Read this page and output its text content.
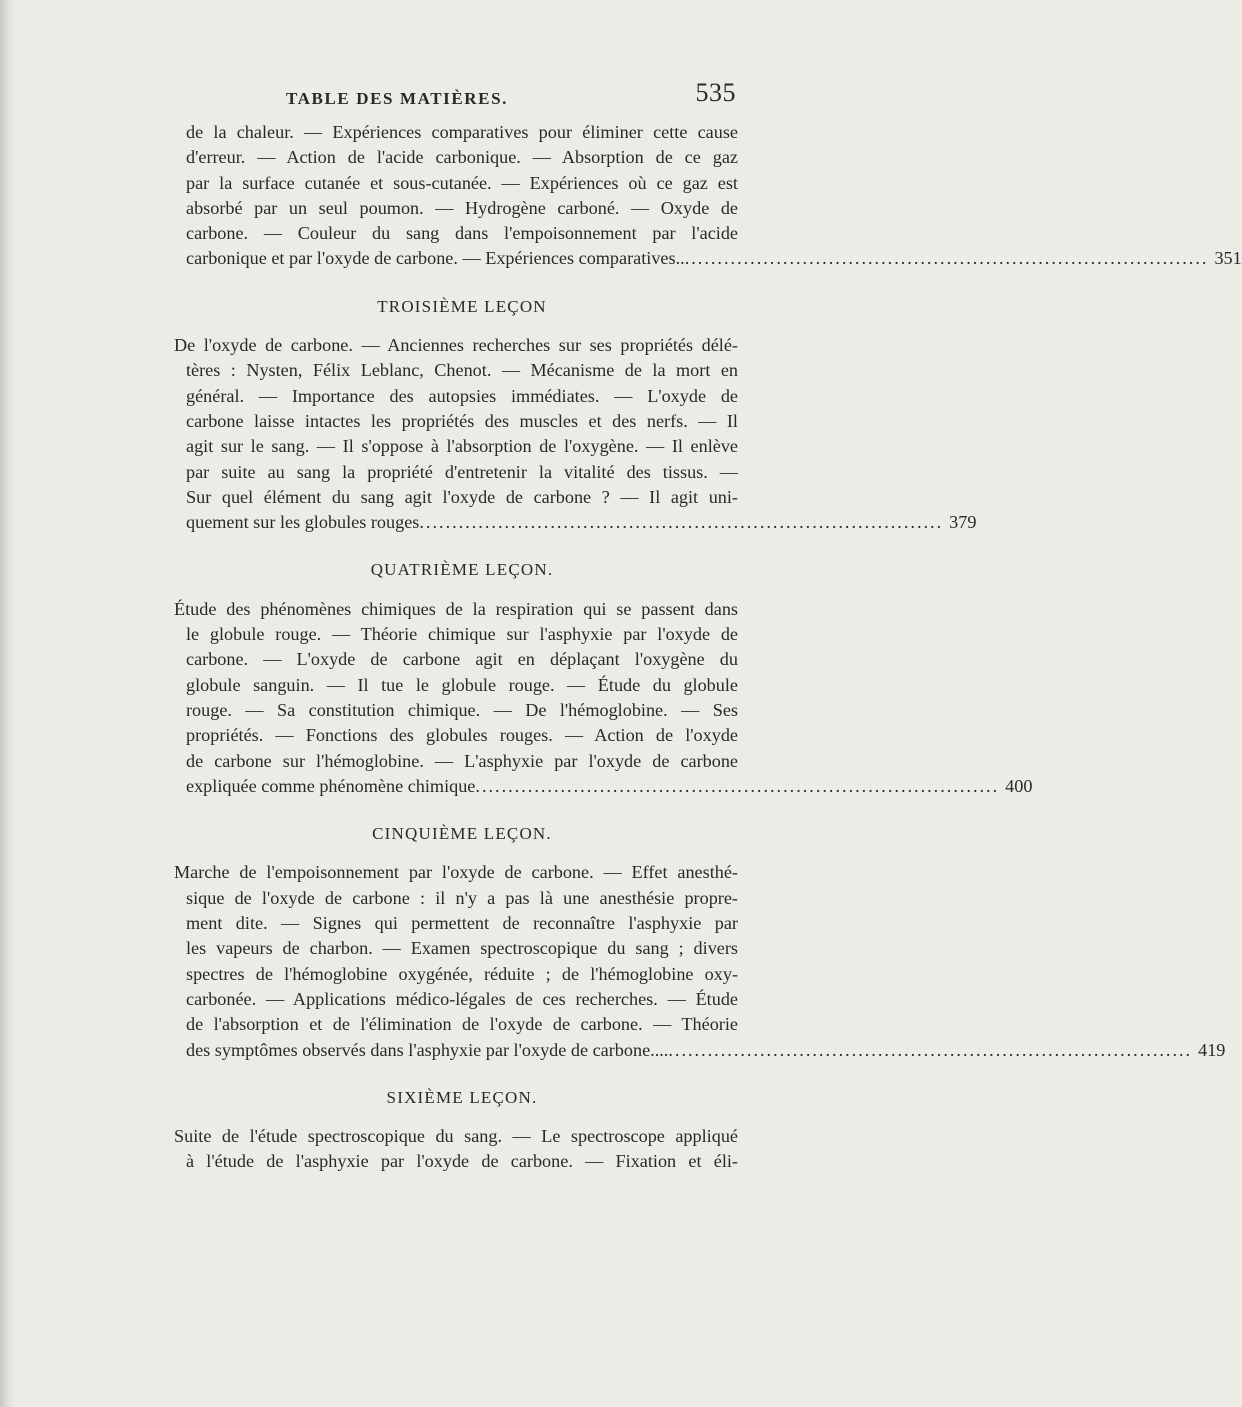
TABLE DES MATIÈRES.	535
de la chaleur. — Expériences comparatives pour éliminer cette cause
d'erreur. — Action de l'acide carbonique. — Absorption de ce gaz
par la surface cutanée et sous-cutanée. — Expériences où ce gaz est
absorbé par un seul poumon. — Hydrogène carboné. — Oxyde de
carbone. — Couleur du sang dans l'empoisonnement par l'acide
carbonique et par l'oxyde de carbone. — Expériences comparatives.. ................................................................................ 351
TROISIÈME LEÇON
De l'oxyde de carbone. — Anciennes recherches sur ses propriétés délé-
tères : Nysten, Félix Leblanc, Chenot. — Mécanisme de la mort en
général. — Importance des autopsies immédiates. — L'oxyde de
carbone laisse intactes les propriétés des muscles et des nerfs. — Il
agit sur le sang. — Il s'oppose à l'absorption de l'oxygène. — Il enlève
par suite au sang la propriété d'entretenir la vitalité des tissus. —
Sur quel élément du sang agit l'oxyde de carbone ? — Il agit uni-
quement sur les globules rouges ................................................................................ 379
QUATRIÈME LEÇON.
Étude des phénomènes chimiques de la respiration qui se passent dans
le globule rouge. — Théorie chimique sur l'asphyxie par l'oxyde de
carbone. — L'oxyde de carbone agit en déplaçant l'oxygène du
globule sanguin. — Il tue le globule rouge. — Étude du globule
rouge. — Sa constitution chimique. — De l'hémoglobine. — Ses
propriétés. — Fonctions des globules rouges. — Action de l'oxyde
de carbone sur l'hémoglobine. — L'asphyxie par l'oxyde de carbone
expliquée comme phénomène chimique ................................................................................ 400
CINQUIÈME LEÇON.
Marche de l'empoisonnement par l'oxyde de carbone. — Effet anesthé-
sique de l'oxyde de carbone : il n'y a pas là une anesthésie propre-
ment dite. — Signes qui permettent de reconnaître l'asphyxie par
les vapeurs de charbon. — Examen spectroscopique du sang ; divers
spectres de l'hémoglobine oxygénée, réduite ; de l'hémoglobine oxy-
carbonée. — Applications médico-légales de ces recherches. — Étude
de l'absorption et de l'élimination de l'oxyde de carbone. — Théorie
des symptômes observés dans l'asphyxie par l'oxyde de carbone.... ................................................................................ 419
SIXIÈME LEÇON.
Suite de l'étude spectroscopique du sang. — Le spectroscope appliqué
à l'étude de l'asphyxie par l'oxyde de carbone. — Fixation et éli-
